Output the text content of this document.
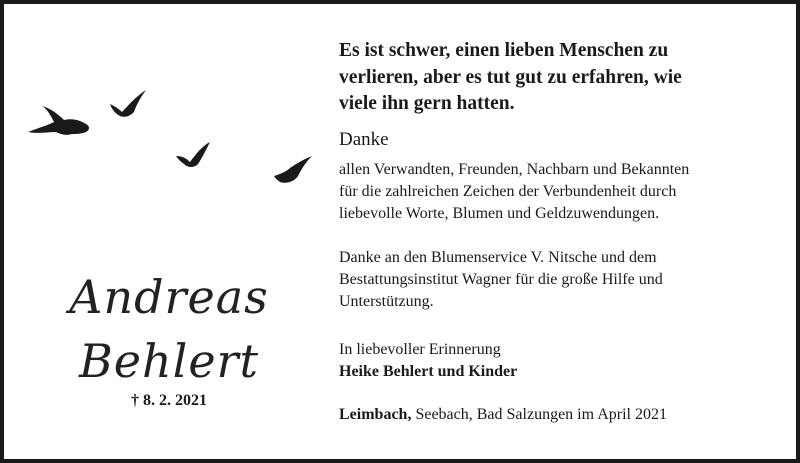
Andreas
Behlert
† 8. 2. 2021
Es ist schwer, einen lieben Menschen zu
verlieren, aber es tut gut zu erfahren, wie
viele ihn gern hatten.
Danke

allen Verwandten, Freunden, Nachbarn und Bekannten

für die zahlreichen Zeichen der Verbundenheit durch

liebevolle Worte, Blumen und Geldzuwendungen.

Danke an den Blumenservice V. Nitsche und dem

Bestattungsinstitut Wagner für die große Hilfe und

Unterstützung.

In liebevoller Erinnerung

Heike Behlert und Kinder

Leimbach, Seebach, Bad Salzungen im April 2021
